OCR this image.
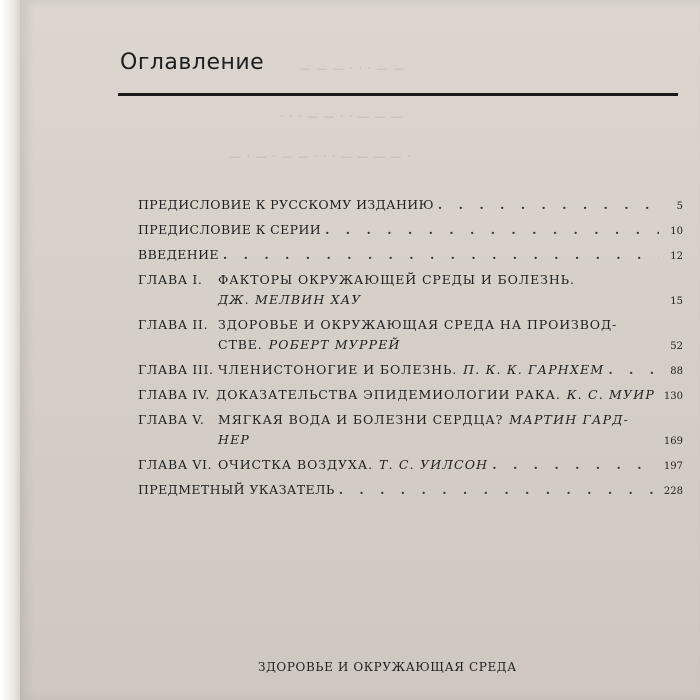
— — — · · · — —
· · · — — · · — — —
— · — · — — · · · — — — — ·
Оглавление
ПРЕДИСЛОВИЕ К РУССКОМУ ИЗДАНИЮ . . .	5
ПРЕДИСЛОВИЕ К СЕРИИ . . .	10
ВВЕДЕНИЕ . . .	12
ГЛАВА I.	ФАКТОРЫ ОКРУЖАЮЩЕЙ СРЕДЫ И БОЛЕЗНЬ.
ДЖ. МЕЛВИН ХАУ	15
ГЛАВА II. ЗДОРОВЬЕ И ОКРУЖАЮЩАЯ СРЕДА НА ПРОИЗВОД-
СТВЕ. РОБЕРТ МУРРЕЙ	52
ГЛАВА III. ЧЛЕНИСТОНОГИЕ И БОЛЕЗНЬ. П. К. К. ГАРНХЕМ . . .	88
ГЛАВА IV. ДОКАЗАТЕЛЬСТВА ЭПИДЕМИОЛОГИИ РАКА. К. С. МУИР 130
ГЛАВА V.	МЯГКАЯ ВОДА И БОЛЕЗНИ СЕРДЦА? МАРТИН ГАРД-
НЕР	169
ГЛАВА VI. ОЧИСТКА ВОЗДУХА. Т. С. УИЛСОН . . .	197
ПРЕДМЕТНЫЙ УКАЗАТЕЛЬ . . .	228
ЗДОРОВЬЕ И ОКРУЖАЮЩАЯ СРЕДА
